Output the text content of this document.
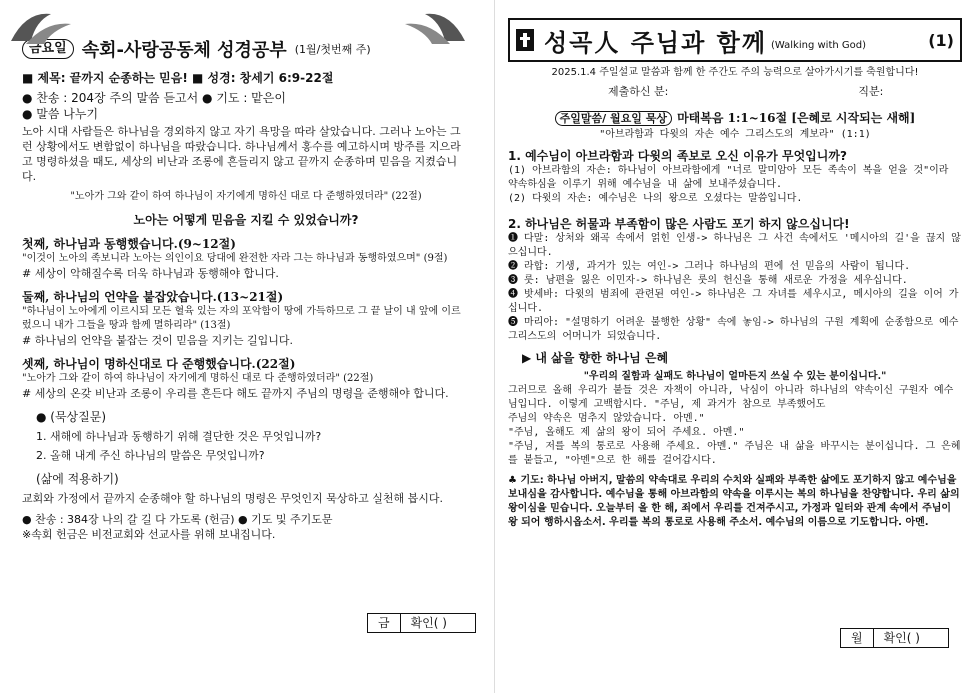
금요일 속회-사랑공동체 성경공부 (1월/첫번째 주)
■ 제목: 끝까지 순종하는 믿음! ■ 성경: 창세기 6:9-22절
● 찬송 : 204장 주의 말씀 듣고서 ● 기도 : 맡은이
● 말씀 나누기
노아 시대 사람들은 하나님을 경외하지 않고 자기 욕망을 따라 살았습니다. 그러나 노아는 그런 상황에서도 변함없이 하나님을 따랐습니다. 하나님께서 홍수를 예고하시며 방주를 지으라고 명령하셨을 때도, 세상의 비난과 조롱에 흔들리지 않고 끝까지 순종하며 믿음을 지켰습니다.
"노아가 그와 같이 하여 하나님이 자기에게 명하신 대로 다 준행하였더라" (22절)
노아는 어떻게 믿음을 지킬 수 있었습니까?
첫째, 하나님과 동행했습니다.(9~12절)
"이것이 노아의 족보니라 노아는 의인이요 당대에 완전한 자라 그는 하나님과 동행하였으며" (9절)
# 세상이 악해질수록 더욱 하나님과 동행해야 합니다.
둘째, 하나님의 언약을 붙잡았습니다.(13~21절)
"하나님이 노아에게 이르시되 모든 혈육 있는 자의 포악함이 땅에 가득하므로 그 끝 날이 내 앞에 이르렀으니 내가 그들을 땅과 함께 멸하리라" (13절)
# 하나님의 언약을 붙잡는 것이 믿음을 지키는 길입니다.
셋째, 하나님이 명하신대로 다 준행했습니다.(22절)
"노아가 그와 같이 하여 하나님이 자기에게 명하신 대로 다 준행하였더라" (22절)
# 세상의 온갖 비난과 조롱이 우리를 흔든다 해도 끝까지 주님의 명령을 준행해야 합니다.
● (묵상질문)
1. 새해에 하나님과 동행하기 위해 결단한 것은 무엇입니까?
2. 올해 내게 주신 하나님의 말씀은 무엇입니까?
(삶에 적용하기)
교회와 가정에서 끝까지 순종해야 할 하나님의 명령은 무엇인지 묵상하고 실천해 봅시다.
● 찬송 : 384장 나의 갈 길 다 가도록 (헌금) ● 기도 및 주기도문
※속회 헌금은 비전교회와 선교사를 위해 보내집니다.
금	확인( )
성곡人 주님과 함께 (Walking with God)	(1)
2025.1.4 주일설교 말씀과 함께 한 주간도 주의 능력으로 살아가시기를 축원합니다!
제출하신 분:	직분:
주일말씀/ 월요일 묵상 마태복음 1:1~16절 [은혜로 시작되는 새해]
"아브라함과 다윗의 자손 예수 그리스도의 계보라" (1:1)
1. 예수님이 아브라함과 다윗의 족보로 오신 이유가 무엇입니까?
(1) 아브라함의 자손: 하나님이 아브라함에게 "너로 말미암아 모든 족속이 복을 얻을 것"이라 약속하심을 이루기 위해 예수님을 내 삶에 보내주셨습니다.
(2) 다윗의 자손: 예수님은 나의 왕으로 오셨다는 말씀입니다.
2. 하나님은 허물과 부족함이 많은 사람도 포기 하지 않으십니다!
❶ 다말: 상처와 왜곡 속에서 얽힌 인생-> 하나님은 그 사건 속에서도 '메시아의 길'을 끊지 않으십니다.
❷ 라합: 기생, 과거가 있는 여인-> 그러나 하나님의 편에 선 믿음의 사람이 됩니다.
❸ 룻: 남편을 잃은 이민자-> 하나님은 룻의 헌신을 통해 새로운 가정을 세우십니다.
❹ 밧세바: 다윗의 범죄에 관련된 여인-> 하나님은 그 자녀를 세우시고, 메시아의 길을 이어 가십니다.
❺ 마리아: "설명하기 어려운 불행한 상황" 속에 놓임-> 하나님의 구원 계획에 순종함으로 예수 그리스도의 어머니가 되었습니다.
▶ 내 삶을 향한 하나님 은혜
"우리의 질함과 실패도 하나님이 얼마든지 쓰실 수 있는 분이십니다."
그러므로 올해 우리가 붙들 것은 자책이 아니라, 낙심이 아니라 하나님의 약속이신 구원자 예수님입니다. 이렇게 고백합시다. "주님, 제 과거가 참으로 부족했어도
주님의 약속은 멈추지 않았습니다. 아멘."
"주님, 올해도 제 삶의 왕이 되어 주세요. 아멘."
"주님, 저를 복의 통로로 사용해 주세요. 아멘." 주님은 내 삶을 바꾸시는 분이십니다. 그 은혜를 붙들고, "아멘"으로 한 해를 걸어갑시다.
♣ 기도: 하나님 아버지, 말씀의 약속대로 우리의 수치와 실패와 부족한 삶에도 포기하지 않고 예수님을 보내심을 감사합니다. 예수님을 통해 아브라함의 약속을 이루시는 복의 하나님을 찬양합니다. 우리 삶의 왕이심을 믿습니다. 오늘부터 올 한 해, 죄에서 우리를 건져주시고, 가정과 일터와 관계 속에서 주님이 왕 되어 행하시옵소서. 우리를 복의 통로로 사용해 주소서. 예수님의 이름으로 기도합니다. 아멘.
월	확인( )
